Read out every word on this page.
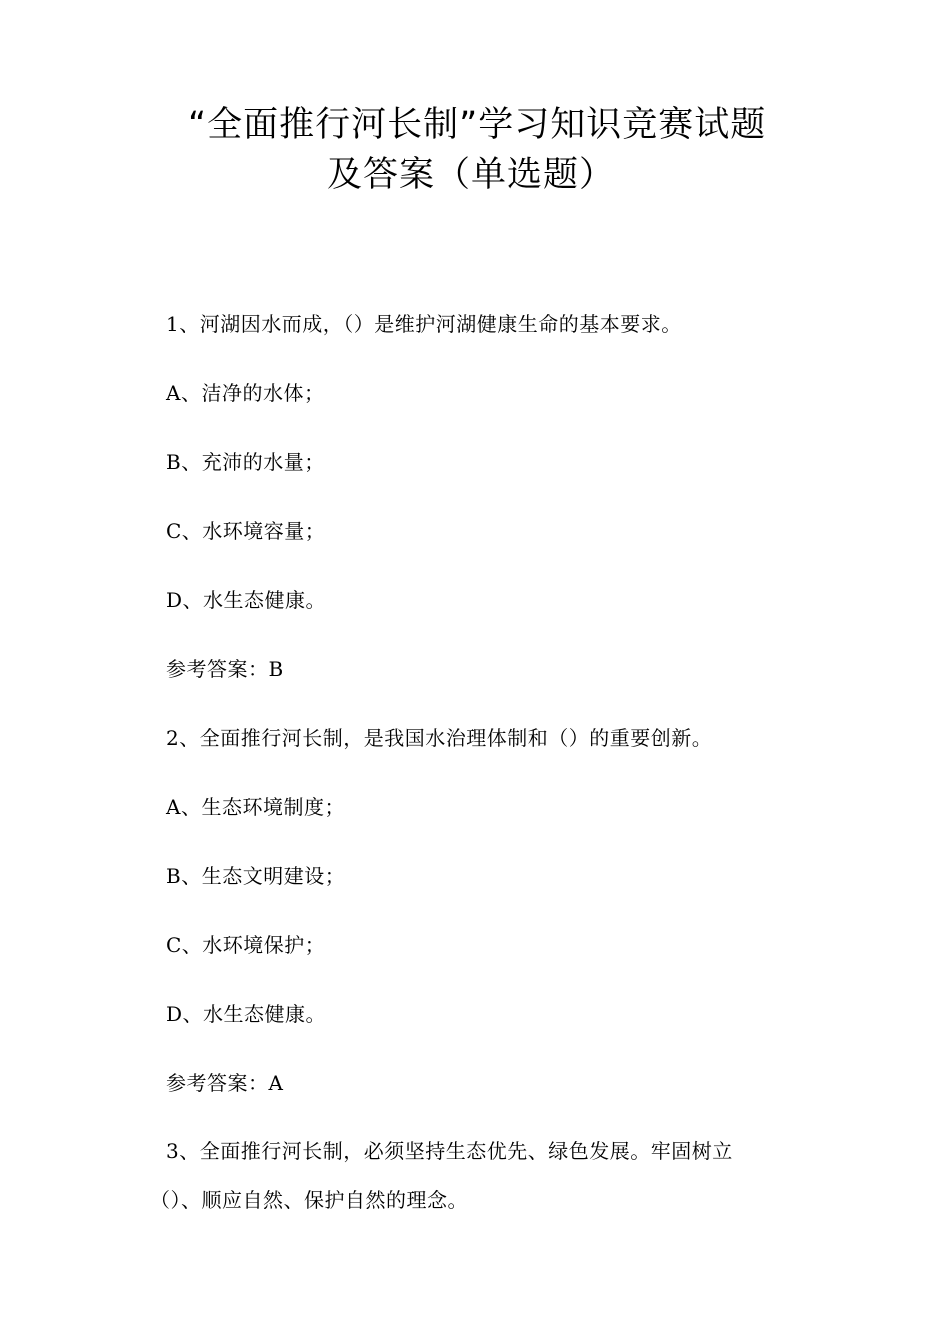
“全面推行河长制”学习知识竞赛试题
及答案（单选题）
1、河湖因水而成，（）是维护河湖健康生命的基本要求。
A、洁净的水体；
B、充沛的水量；
C、水环境容量；
D、水生态健康。
参考答案：B
2、全面推行河长制，是我国水治理体制和（）的重要创新。
A、生态环境制度；
B、生态文明建设；
C、水环境保护；
D、水生态健康。
参考答案：A
3、全面推行河长制，必须坚持生态优先、绿色发展。牢固树立
（）、顺应自然、保护自然的理念。
